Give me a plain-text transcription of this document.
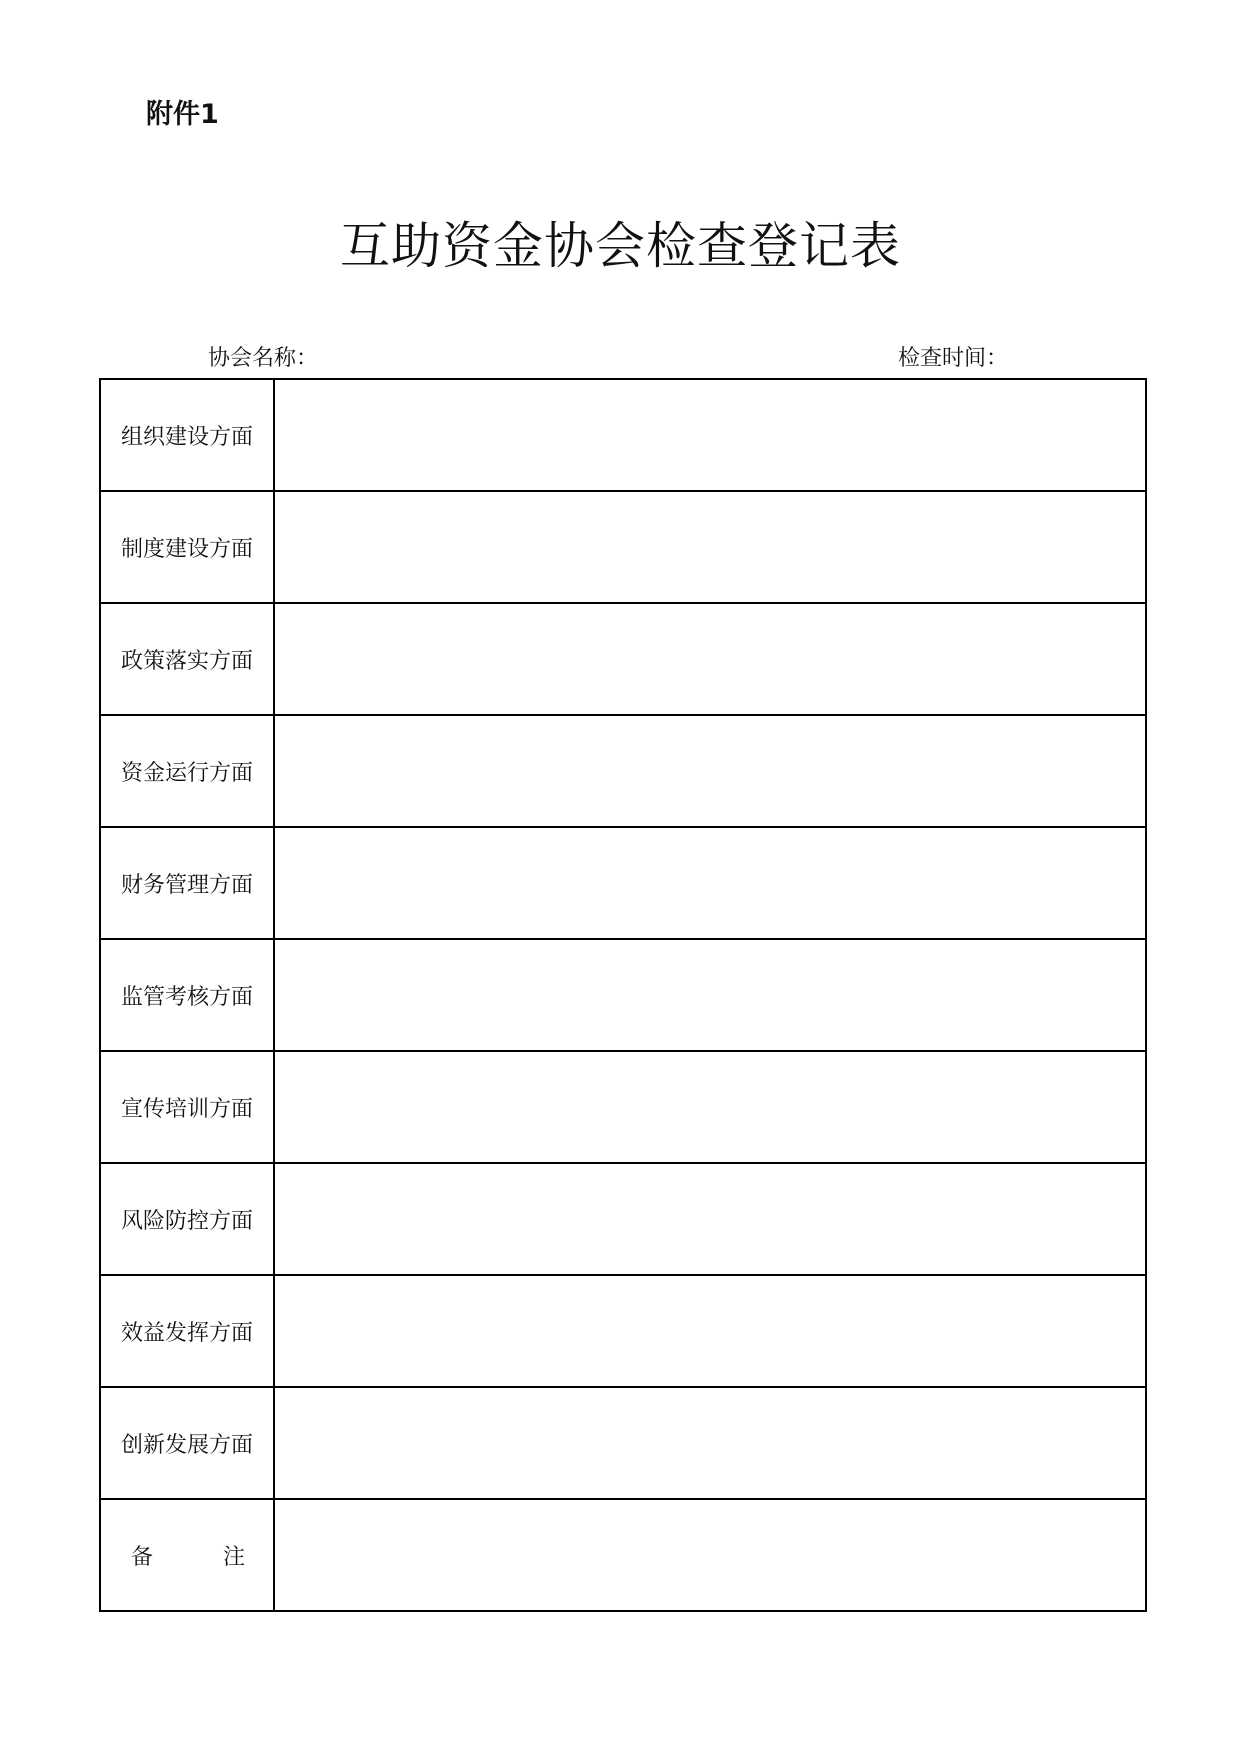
附件1
互助资金协会检查登记表
协会名称：	检查时间：
组织建设方面	
制度建设方面	
政策落实方面	
资金运行方面	
财务管理方面	
监管考核方面	
宣传培训方面	
风险防控方面	
效益发挥方面	
创新发展方面	

备 注	
